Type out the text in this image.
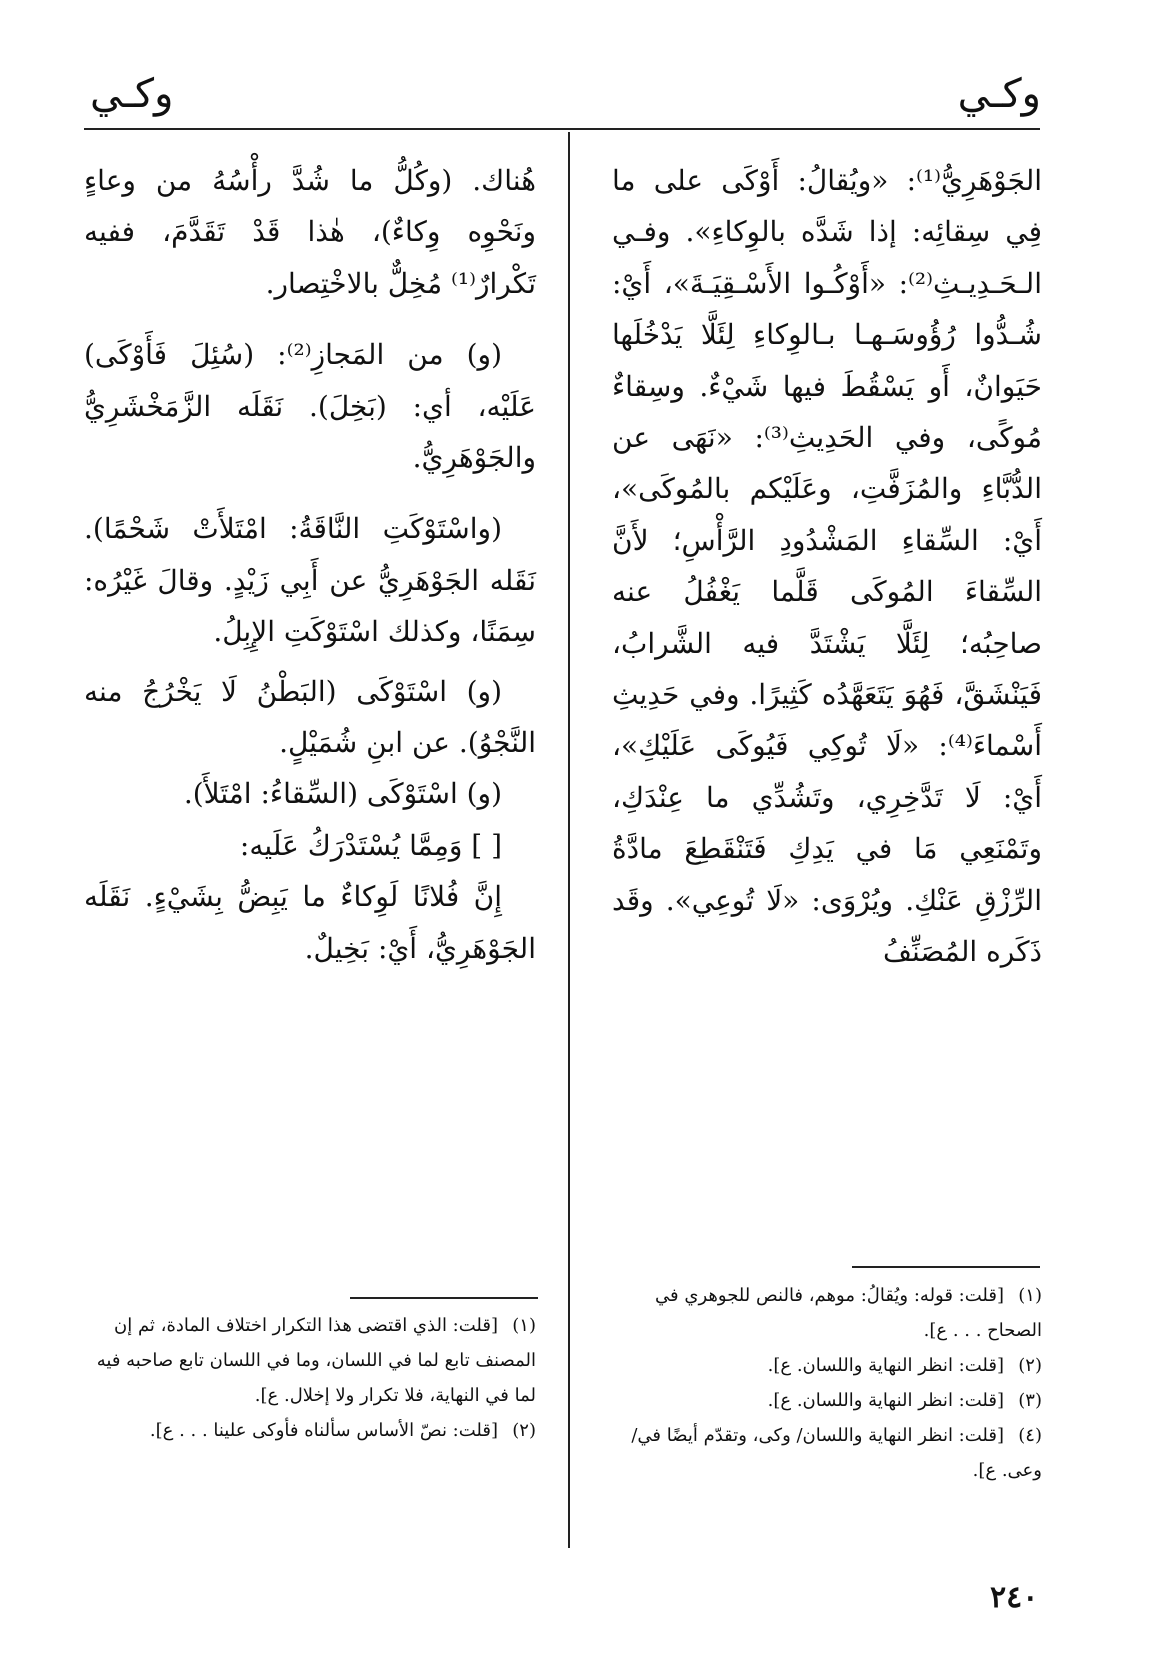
وكـي
وكـي

الجَوْهَرِيُّ⁽¹⁾: «ويُقالُ: أَوْكَى على ما فِي سِقائِه: إذا شَدَّه بالوِكاءِ». وفـي الـحَـدِيـثِ⁽²⁾: «أَوْكُـوا الأَسْـقِيَـةَ»، أَيْ: شُـدُّوا رُؤُوسَـهـا بـالوِكاءِ لِئَلَّا يَدْخُلَها حَيَوانٌ، أَو يَسْقُطَ فيها شَيْءٌ. وسِقاءٌ مُوكًى، وفي الحَدِيثِ⁽³⁾: «نَهَى عن الدُّبَّاءِ والمُزَفَّتِ، وعَلَيْكم بالمُوكَى»، أَيْ: السِّقاءِ المَشْدُودِ الرَّأْسِ؛ لأَنَّ السِّقاءَ المُوكَى قَلَّما يَغْفُلُ عنه صاحِبُه؛ لِئَلَّا يَشْتَدَّ فيه الشَّرابُ، فَيَنْشَقَّ، فَهُوَ يَتَعَهَّدُه كَثِيرًا. وفي حَدِيثِ أَسْماءَ⁽⁴⁾: «لَا تُوكِي فَيُوكَى عَلَيْكِ»، أَيْ: لَا تَدَّخِرِي، وتَشُدِّي ما عِنْدَكِ، وتَمْنَعِي مَا في يَدِكِ فَتَنْقَطِعَ مادَّةُ الرِّزْقِ عَنْكِ. ويُرْوَى: «لَا تُوعِي». وقَد ذَكَره المُصَنِّفُ

هُناك. (وكُلُّ ما شُدَّ رأْسُهُ من وعاءٍ ونَحْوِه وِكاءٌ)، هٰذا قَدْ تَقَدَّمَ، ففيه تَكْرارٌ⁽¹⁾ مُخِلٌّ بالاخْتِصار.

(و) من المَجازِ⁽²⁾: (سُئِلَ فَأَوْكَى) عَلَيْه، أي: (بَخِلَ). نَقَلَه الزَّمَخْشَرِيُّ والجَوْهَرِيُّ.

(واسْتَوْكَتِ النَّاقَةُ: امْتَلأَتْ شَحْمًا). نَقَله الجَوْهَرِيُّ عن أَبِي زَيْدٍ. وقالَ غَيْرُه: سِمَنًا، وكذلك اسْتَوْكَتِ الإِبِلُ.

(و) اسْتَوْكَى (البَطْنُ لَا يَخْرُجُ منه النَّجْوُ). عن ابنِ شُمَيْلٍ.

(و) اسْتَوْكَى (السِّقاءُ: امْتَلأَ).

[ ] وَمِمَّا يُسْتَدْرَكُ عَلَيه:

إِنَّ فُلانًا لَوِكاءٌ ما يَبِضُّ بِشَيْءٍ. نَقَلَه الجَوْهَرِيُّ، أَيْ: بَخِيلٌ.

(١)[قلت: قوله: ويُقالُ: موهم، فالنص للجوهري في الصحاح . . . ع].

(٢)[قلت: انظر النهاية واللسان. ع].

(٣)[قلت: انظر النهاية واللسان. ع].

(٤)[قلت: انظر النهاية واللسان/ وكى، وتقدّم أيضًا في/ وعى. ع].

(١)[قلت: الذي اقتضى هذا التكرار اختلاف المادة، ثم إن المصنف تابع لما في اللسان، وما في اللسان تابع صاحبه فيه لما في النهاية، فلا تكرار ولا إخلال. ع].

(٢)[قلت: نصّ الأساس سألناه فأوكى علينا . . . ع].

٢٤٠
